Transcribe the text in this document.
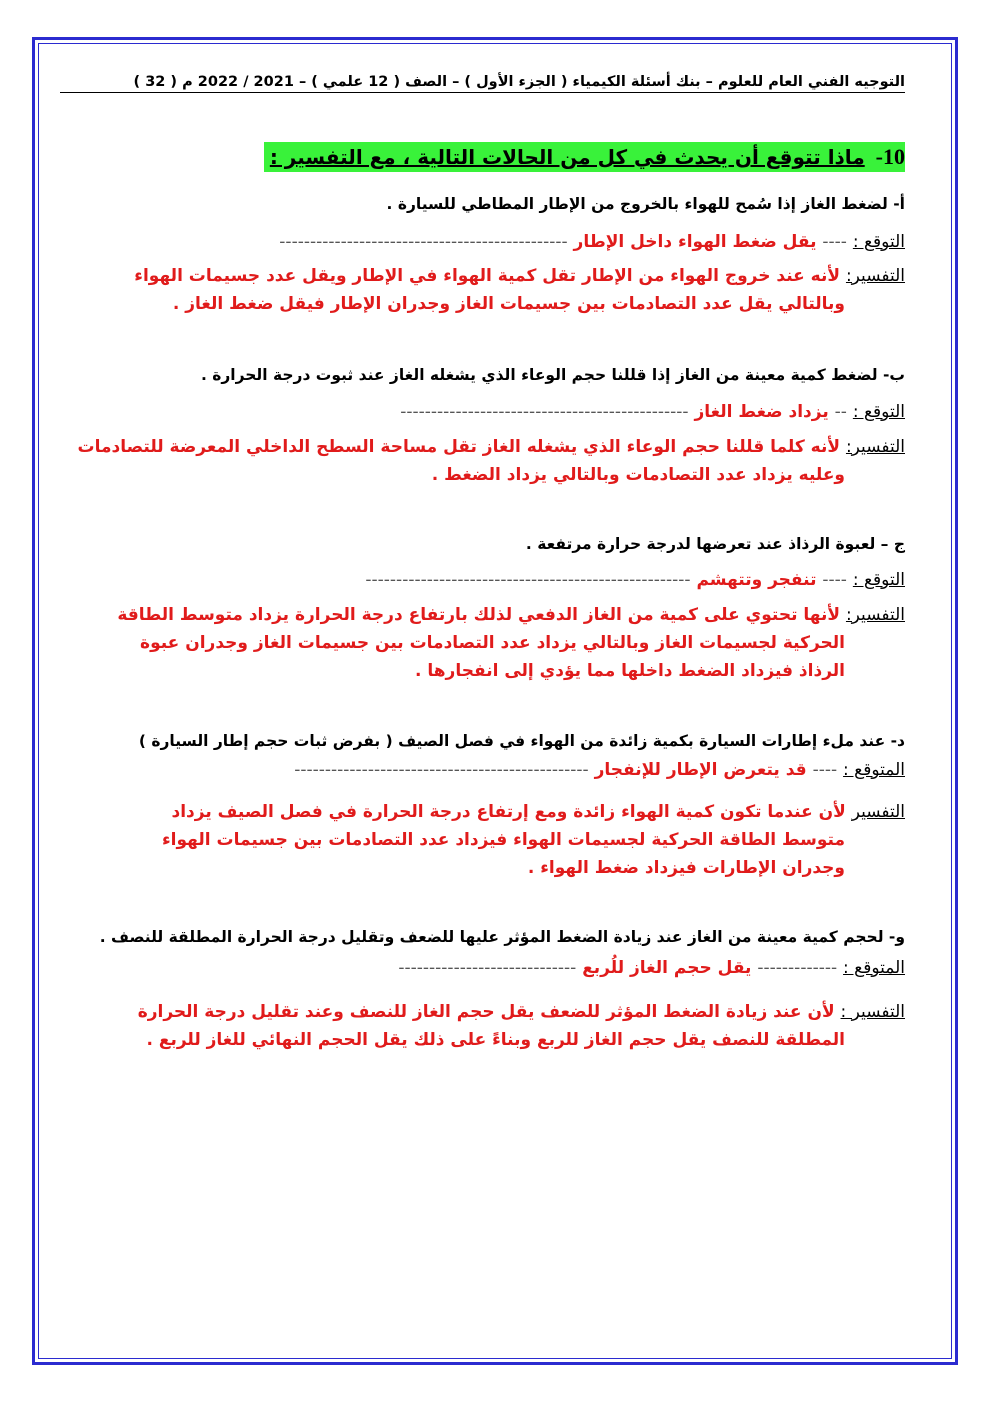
التوجيه الفني العام للعلوم – بنك أسئلة الكيمياء ( الجزء الأول ) – الصف ( 12 علمي ) – 2021 / 2022 م ( 32 )
10- ماذا تتوقع أن يحدث في كل من الحالات التالية ، مع التفسير :
أ- لضغط الغاز إذا سُمح للهواء بالخروج من الإطار المطاطي للسيارة .
التوقع : ---- يقل ضغط الهواء داخل الإطار -----------------------------------------------
التفسير: لأنه عند خروج الهواء من الإطار تقل كمية الهواء في الإطار ويقل عدد جسيمات الهواء
وبالتالي يقل عدد التصادمات بين جسيمات الغاز وجدران الإطار فيقل ضغط الغاز .
ب- لضغط كمية معينة من الغاز إذا قللنا حجم الوعاء الذي يشغله الغاز عند ثبوت درجة الحرارة .
التوقع : -- يزداد ضغط الغاز -----------------------------------------------
التفسير: لأنه كلما قللنا حجم الوعاء الذي يشغله الغاز تقل مساحة السطح الداخلي المعرضة للتصادمات
وعليه يزداد عدد التصادمات وبالتالي يزداد الضغط .
ج – لعبوة الرذاذ عند تعرضها لدرجة حرارة مرتفعة .
التوقع : ---- تنفجر وتتهشم -----------------------------------------------------
التفسير: لأنها تحتوي على كمية من الغاز الدفعي لذلك بارتفاع درجة الحرارة يزداد متوسط الطاقة
الحركية لجسيمات الغاز وبالتالي يزداد عدد التصادمات بين جسيمات الغاز وجدران عبوة
الرذاذ فيزداد الضغط داخلها مما يؤدي إلى انفجارها .
د- عند ملء إطارات السيارة بكمية زائدة من الهواء في فصل الصيف ( بفرض ثبات حجم إطار السيارة )
المتوقع : ---- قد يتعرض الإطار للإنفجار ------------------------------------------------
التفسير لأن عندما تكون كمية الهواء زائدة ومع إرتفاع درجة الحرارة في فصل الصيف يزداد
متوسط الطاقة الحركية لجسيمات الهواء فيزداد عدد التصادمات بين جسيمات الهواء
وجدران الإطارات فيزداد ضغط الهواء .
و- لحجم كمية معينة من الغاز عند زيادة الضغط المؤثر عليها للضعف وتقليل درجة الحرارة المطلقة للنصف .
المتوقع : ------------- يقل حجم الغاز للُربع -----------------------------
التفسير : لأن عند زيادة الضغط المؤثر للضعف يقل حجم الغاز للنصف وعند تقليل درجة الحرارة
المطلقة للنصف يقل حجم الغاز للربع وبناءً على ذلك يقل الحجم النهائي للغاز للربع .
